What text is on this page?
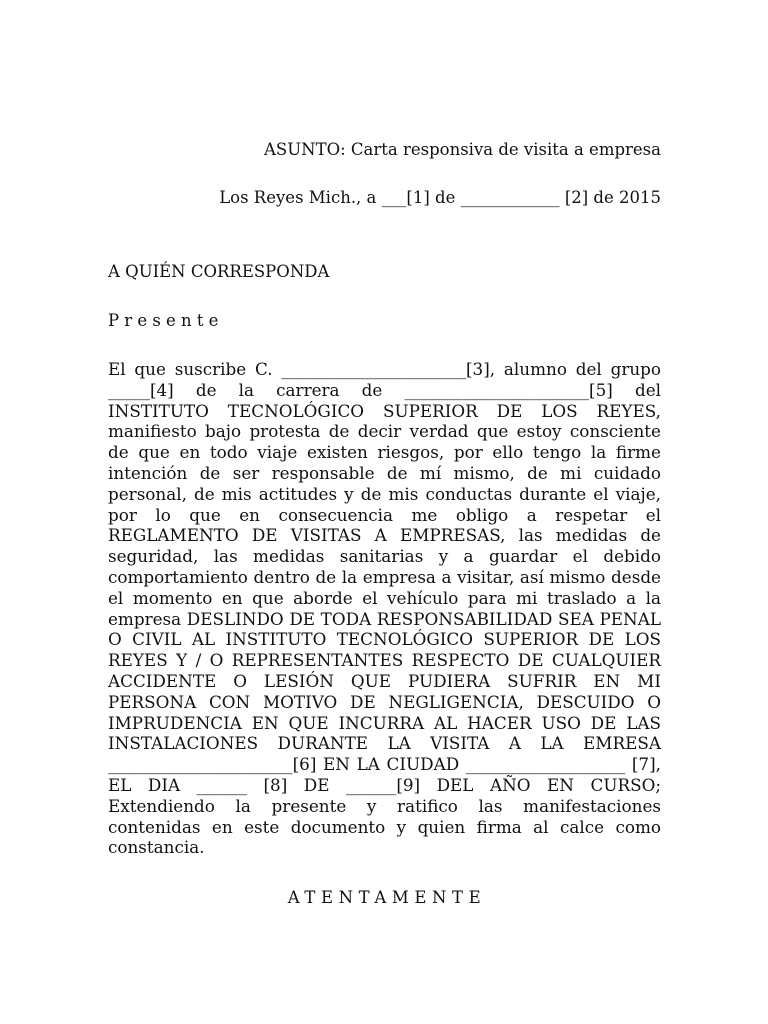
ASUNTO: Carta responsiva de visita a empresa
Los Reyes Mich., a ___[1] de ____________ [2] de 2015
A QUIÉN CORRESPONDA
Presente

El que suscribe C. ______________________[3], alumno del grupo _____[4] de la carrera de ______________________[5] del INSTITUTO TECNOLÓGICO SUPERIOR DE LOS REYES, manifiesto bajo protesta de decir verdad que estoy consciente de que en todo viaje existen riesgos, por ello tengo la firme intención de ser responsable de mí mismo, de mi cuidado personal, de mis actitudes y de mis conductas durante el viaje, por lo que en consecuencia me obligo a respetar el REGLAMENTO DE VISITAS A EMPRESAS, las medidas de seguridad, las medidas sanitarias y a guardar el debido comportamiento dentro de la empresa a visitar, así mismo desde el momento en que aborde el vehículo para mi traslado a la empresa DESLINDO DE TODA RESPONSABILIDAD SEA PENAL O CIVIL AL INSTITUTO TECNOLÓGICO SUPERIOR DE LOS REYES Y / O REPRESENTANTES RESPECTO DE CUALQUIER ACCIDENTE O LESIÓN QUE PUDIERA SUFRIR EN MI PERSONA CON MOTIVO DE NEGLIGENCIA, DESCUIDO O IMPRUDENCIA EN QUE INCURRA AL HACER USO DE LAS INSTALACIONES DURANTE LA VISITA A LA EMRESA ______________________[6] EN LA CIUDAD ___________________ [7], EL DIA ______ [8] DE ______[9] DEL AÑO EN CURSO; Extendiendo la presente y ratifico las manifestaciones contenidas en este documento y quien firma al calce como constancia.

ATENTAMENTE
